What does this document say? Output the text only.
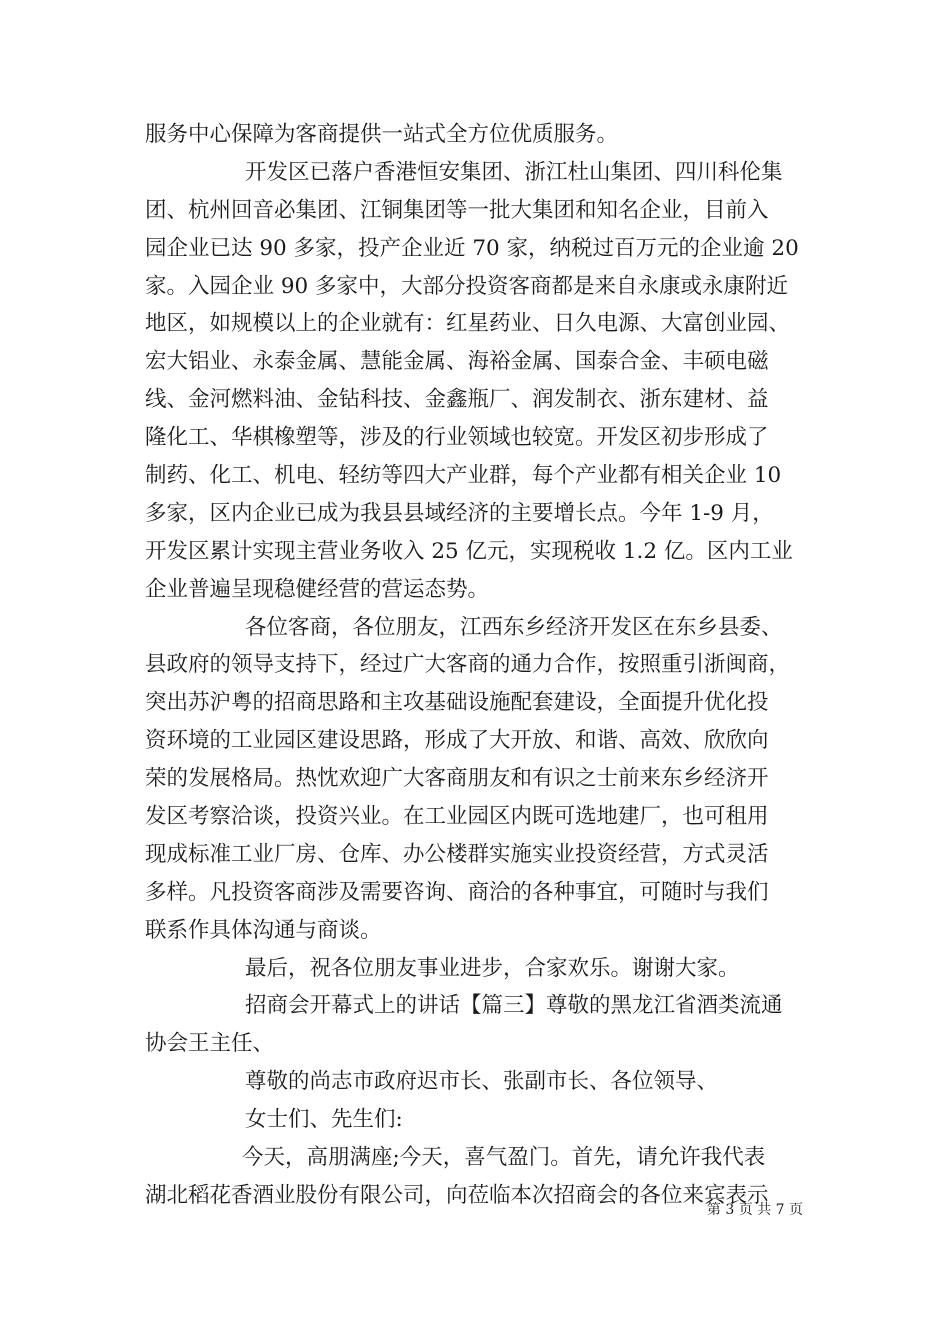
服务中心保障为客商提供一站式全方位优质服务。
开发区已落户香港恒安集团、浙江杜山集团、四川科伦集
团、杭州回音必集团、江铜集团等一批大集团和知名企业，目前入
园企业已达 90 多家，投产企业近 70 家，纳税过百万元的企业逾 20
家。入园企业 90 多家中，大部分投资客商都是来自永康或永康附近
地区，如规模以上的企业就有：红星药业、日久电源、大富创业园、
宏大铝业、永泰金属、慧能金属、海裕金属、国泰合金、丰硕电磁
线、金河燃料油、金钻科技、金鑫瓶厂、润发制衣、浙东建材、益
隆化工、华棋橡塑等，涉及的行业领域也较宽。开发区初步形成了
制药、化工、机电、轻纺等四大产业群，每个产业都有相关企业 10
多家，区内企业已成为我县县域经济的主要增长点。今年 1-9 月，
开发区累计实现主营业务收入 25 亿元，实现税收 1.2 亿。区内工业
企业普遍呈现稳健经营的营运态势。
各位客商，各位朋友，江西东乡经济开发区在东乡县委、
县政府的领导支持下，经过广大客商的通力合作，按照重引浙闽商，
突出苏沪粤的招商思路和主攻基础设施配套建设，全面提升优化投
资环境的工业园区建设思路，形成了大开放、和谐、高效、欣欣向
荣的发展格局。热忱欢迎广大客商朋友和有识之士前来东乡经济开
发区考察洽谈，投资兴业。在工业园区内既可选地建厂，也可租用
现成标准工业厂房、仓库、办公楼群实施实业投资经营，方式灵活
多样。凡投资客商涉及需要咨询、商洽的各种事宜，可随时与我们
联系作具体沟通与商谈。
最后，祝各位朋友事业进步，合家欢乐。谢谢大家。
招商会开幕式上的讲话【篇三】尊敬的黑龙江省酒类流通
协会王主任、
尊敬的尚志市政府迟市长、张副市长、各位领导、
女士们、先生们:
今天，高朋满座;今天，喜气盈门。首先，请允许我代表
湖北稻花香酒业股份有限公司，向莅临本次招商会的各位来宾表示
第 3 页 共 7 页
